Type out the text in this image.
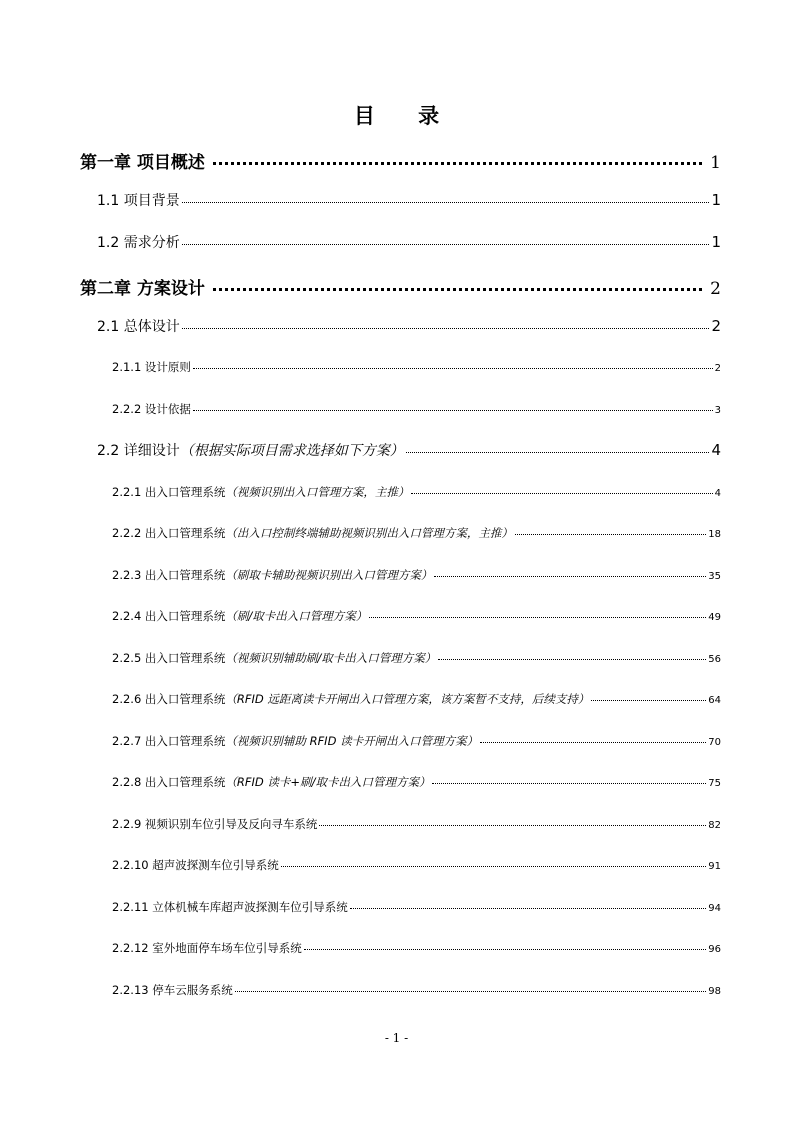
目 录
第一章 项目概述	1
1.1 项目背景	1
1.2 需求分析	1
第二章 方案设计	2
2.1 总体设计	2
2.1.1 设计原则	2
2.2.2 设计依据	3
2.2 详细设计 （根据实际项目需求选择如下方案）	4
2.2.1 出入口管理系统 （视频识别出入口管理方案，主推）	4
2.2.2 出入口管理系统 （出入口控制终端辅助视频识别出入口管理方案，主推）	18
2.2.3 出入口管理系统 （刷取卡辅助视频识别出入口管理方案）	35
2.2.4 出入口管理系统 （刷/取卡出入口管理方案）	49
2.2.5 出入口管理系统 （视频识别辅助刷/取卡出入口管理方案）	56
2.2.6 出入口管理系统 （RFID 远距离读卡开闸出入口管理方案，该方案暂不支持，后续支持）	64
2.2.7 出入口管理系统 （视频识别辅助 RFID 读卡开闸出入口管理方案）	70
2.2.8 出入口管理系统 （RFID 读卡+刷/取卡出入口管理方案）	75
2.2.9 视频识别车位引导及反向寻车系统	82
2.2.10 超声波探测车位引导系统	91
2.2.11 立体机械车库超声波探测车位引导系统	94
2.2.12 室外地面停车场车位引导系统	96
2.2.13 停车云服务系统	98
- 1 -
